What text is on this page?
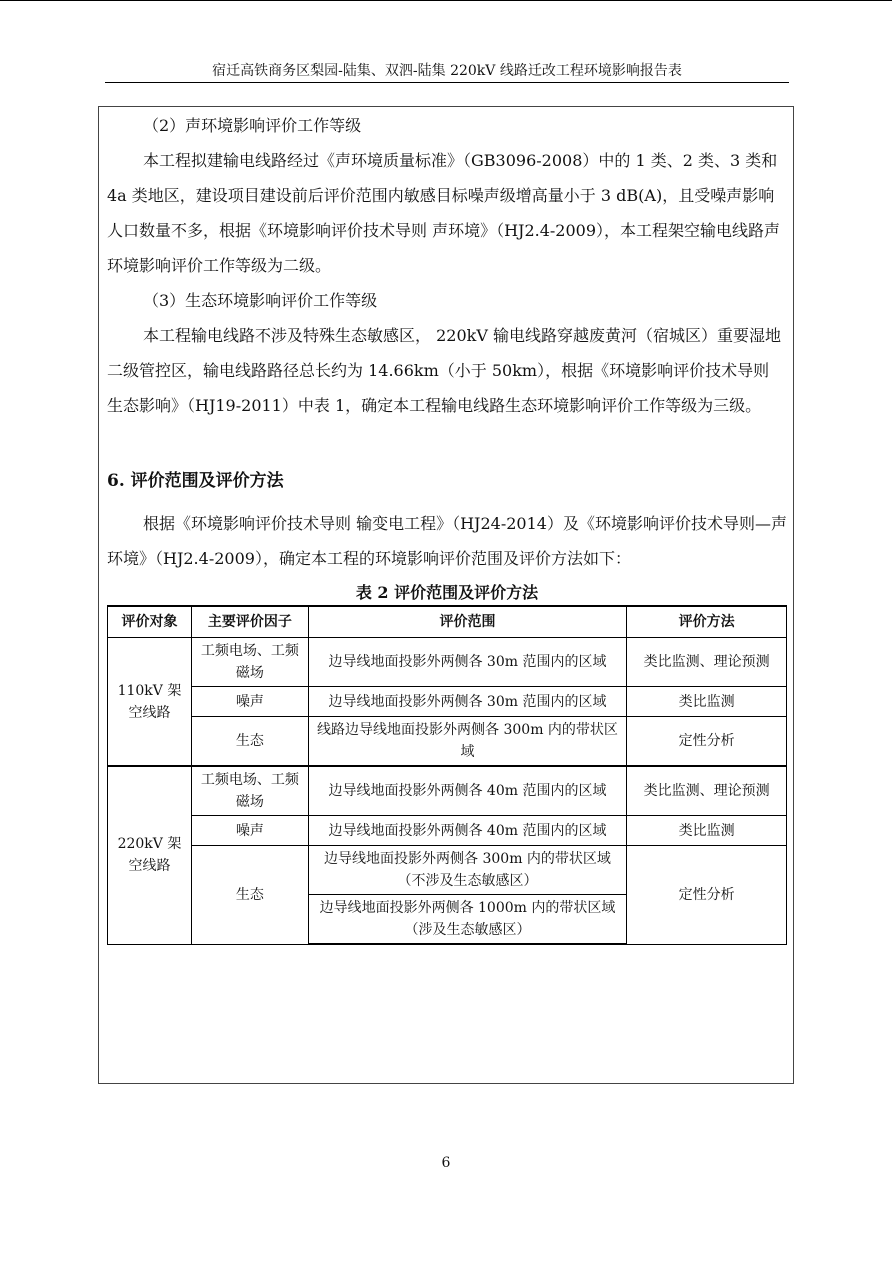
宿迁高铁商务区梨园-陆集、双泗-陆集 220kV 线路迁改工程环境影响报告表
（2）声环境影响评价工作等级
本工程拟建输电线路经过《声环境质量标准》（GB3096-2008）中的 1 类、2 类、3 类和 4a 类地区，建设项目建设前后评价范围内敏感目标噪声级增高量小于 3 dB(A)，且受噪声影响人口数量不多，根据《环境影响评价技术导则 声环境》（HJ2.4-2009），本工程架空输电线路声环境影响评价工作等级为二级。
（3）生态环境影响评价工作等级
本工程输电线路不涉及特殊生态敏感区， 220kV 输电线路穿越废黄河（宿城区）重要湿地二级管控区，输电线路路径总长约为 14.66km（小于 50km），根据《环境影响评价技术导则 生态影响》（HJ19-2011）中表 1，确定本工程输电线路生态环境影响评价工作等级为三级。
6. 评价范围及评价方法
根据《环境影响评价技术导则 输变电工程》（HJ24-2014）及《环境影响评价技术导则—声环境》（HJ2.4-2009），确定本工程的环境影响评价范围及评价方法如下：
表 2 评价范围及评价方法
评价对象	主要评价因子	评价范围	评价方法
110kV 架空线路	工频电场、工频磁场	边导线地面投影外两侧各 30m 范围内的区域	类比监测、理论预测
	噪声	边导线地面投影外两侧各 30m 范围内的区域	类比监测
	生态	线路边导线地面投影外两侧各 300m 内的带状区域	定性分析
220kV 架空线路	工频电场、工频磁场	边导线地面投影外两侧各 40m 范围内的区域	类比监测、理论预测
	噪声	边导线地面投影外两侧各 40m 范围内的区域	类比监测
	生态	边导线地面投影外两侧各 300m 内的带状区域（不涉及生态敏感区）	定性分析
		边导线地面投影外两侧各 1000m 内的带状区域（涉及生态敏感区）	
6
